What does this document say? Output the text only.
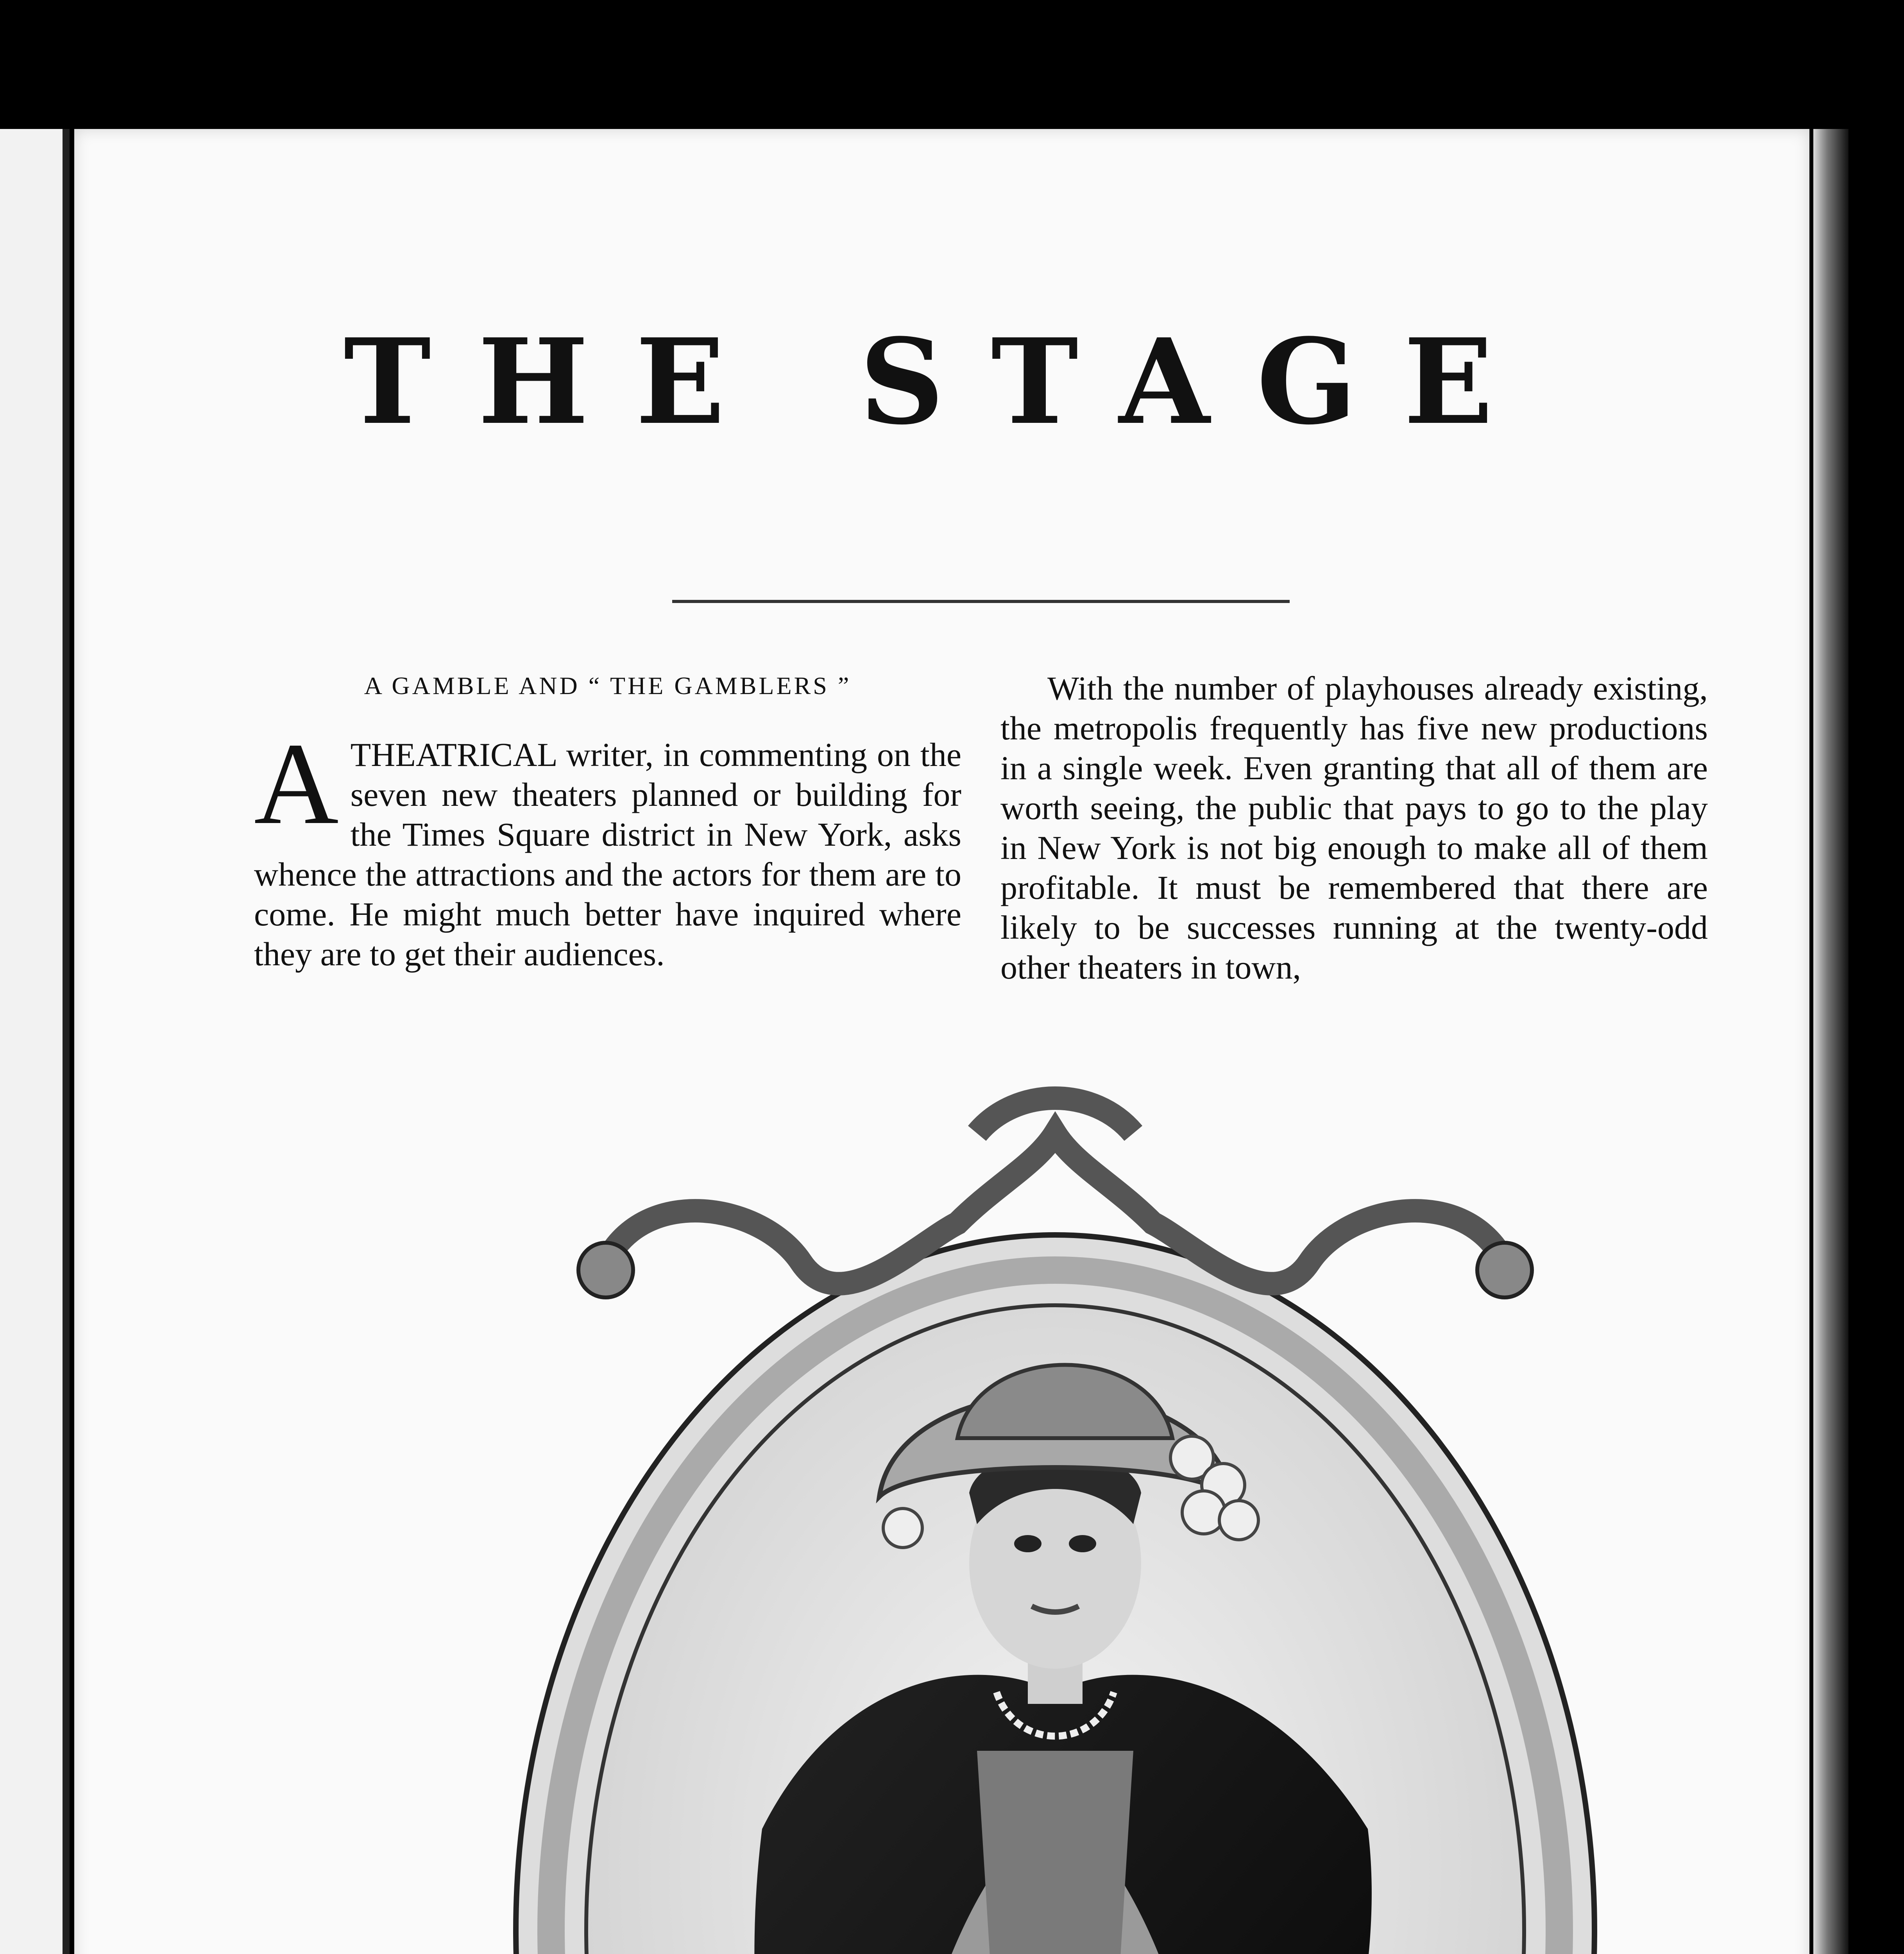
THE STAGE
A GAMBLE AND “ THE GAMBLERS ”
A THEATRICAL writer, in commenting on the seven new theaters planned or building for the Times Square district in New York, asks whence the attractions and the actors for them are to come. He might much better have inquired where they are to get their audiences.

With the number of playhouses already existing, the metropolis frequently has five new productions in a single week. Even granting that all of them are worth seeing, the public that pays to go to the play in New York is not big enough to make all of them profitable. It must be remembered that there are likely to be successes running at the twenty-odd other theaters in town,
